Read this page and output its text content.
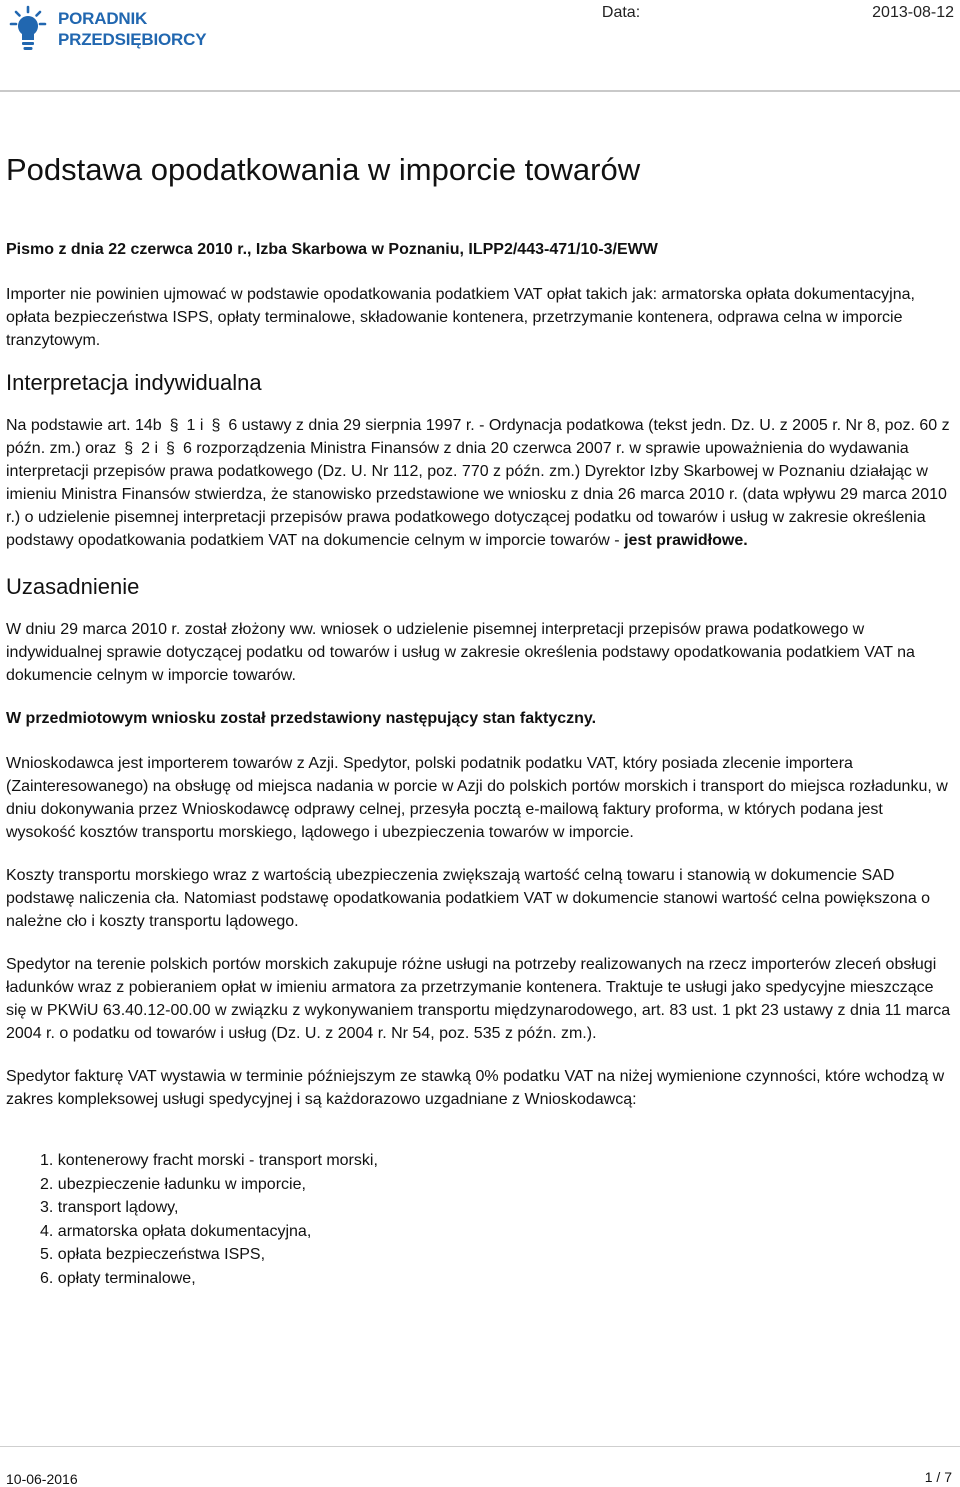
PORADNIK
PRZEDSIĘBIORCY
Data:	2013-08-12
Podstawa opodatkowania w imporcie towarów
Pismo z dnia 22 czerwca 2010 r., Izba Skarbowa w Poznaniu, ILPP2/443-471/10-3/EWW

Importer nie powinien ujmować w podstawie opodatkowania podatkiem VAT opłat takich jak: armatorska opłata dokumentacyjna, opłata bezpieczeństwa ISPS, opłaty terminalowe, składowanie kontenera, przetrzymanie kontenera, odprawa celna w imporcie tranzytowym.

Interpretacja indywidualna

Na podstawie art. 14b § 1 i § 6 ustawy z dnia 29 sierpnia 1997 r. - Ordynacja podatkowa (tekst jedn. Dz. U. z 2005 r. Nr 8, poz. 60 z późn. zm.) oraz § 2 i § 6 rozporządzenia Ministra Finansów z dnia 20 czerwca 2007 r. w sprawie upoważnienia do wydawania interpretacji przepisów prawa podatkowego (Dz. U. Nr 112, poz. 770 z późn. zm.) Dyrektor Izby Skarbowej w Poznaniu działając w imieniu Ministra Finansów stwierdza, że stanowisko przedstawione we wniosku z dnia 26 marca 2010 r. (data wpływu 29 marca 2010 r.) o udzielenie pisemnej interpretacji przepisów prawa podatkowego dotyczącej podatku od towarów i usług w zakresie określenia podstawy opodatkowania podatkiem VAT na dokumencie celnym w imporcie towarów - jest prawidłowe.

Uzasadnienie

W dniu 29 marca 2010 r. został złożony ww. wniosek o udzielenie pisemnej interpretacji przepisów prawa podatkowego w indywidualnej sprawie dotyczącej podatku od towarów i usług w zakresie określenia podstawy opodatkowania podatkiem VAT na dokumencie celnym w imporcie towarów.

W przedmiotowym wniosku został przedstawiony następujący stan faktyczny.

Wnioskodawca jest importerem towarów z Azji. Spedytor, polski podatnik podatku VAT, który posiada zlecenie importera (Zainteresowanego) na obsługę od miejsca nadania w porcie w Azji do polskich portów morskich i transport do miejsca rozładunku, w dniu dokonywania przez Wnioskodawcę odprawy celnej, przesyła pocztą e-mailową faktury proforma, w których podana jest wysokość kosztów transportu morskiego, lądowego i ubezpieczenia towarów w imporcie.

Koszty transportu morskiego wraz z wartością ubezpieczenia zwiększają wartość celną towaru i stanowią w dokumencie SAD podstawę naliczenia cła. Natomiast podstawę opodatkowania podatkiem VAT w dokumencie stanowi wartość celna powiększona o należne cło i koszty transportu lądowego.

Spedytor na terenie polskich portów morskich zakupuje różne usługi na potrzeby realizowanych na rzecz importerów zleceń obsługi ładunków wraz z pobieraniem opłat w imieniu armatora za przetrzymanie kontenera. Traktuje te usługi jako spedycyjne mieszczące się w PKWiU 63.40.12-00.00 w związku z wykonywaniem transportu międzynarodowego, art. 83 ust. 1 pkt 23 ustawy z dnia 11 marca 2004 r. o podatku od towarów i usług (Dz. U. z 2004 r. Nr 54, poz. 535 z późn. zm.).

Spedytor fakturę VAT wystawia w terminie późniejszym ze stawką 0% podatku VAT na niżej wymienione czynności, które wchodzą w zakres kompleksowej usługi spedycyjnej i są każdorazowo uzgadniane z Wnioskodawcą:

1. kontenerowy fracht morski - transport morski,
2. ubezpieczenie ładunku w imporcie,
3. transport lądowy,
4. armatorska opłata dokumentacyjna,
5. opłata bezpieczeństwa ISPS,
6. opłaty terminalowe,
10-06-2016	1 / 7
